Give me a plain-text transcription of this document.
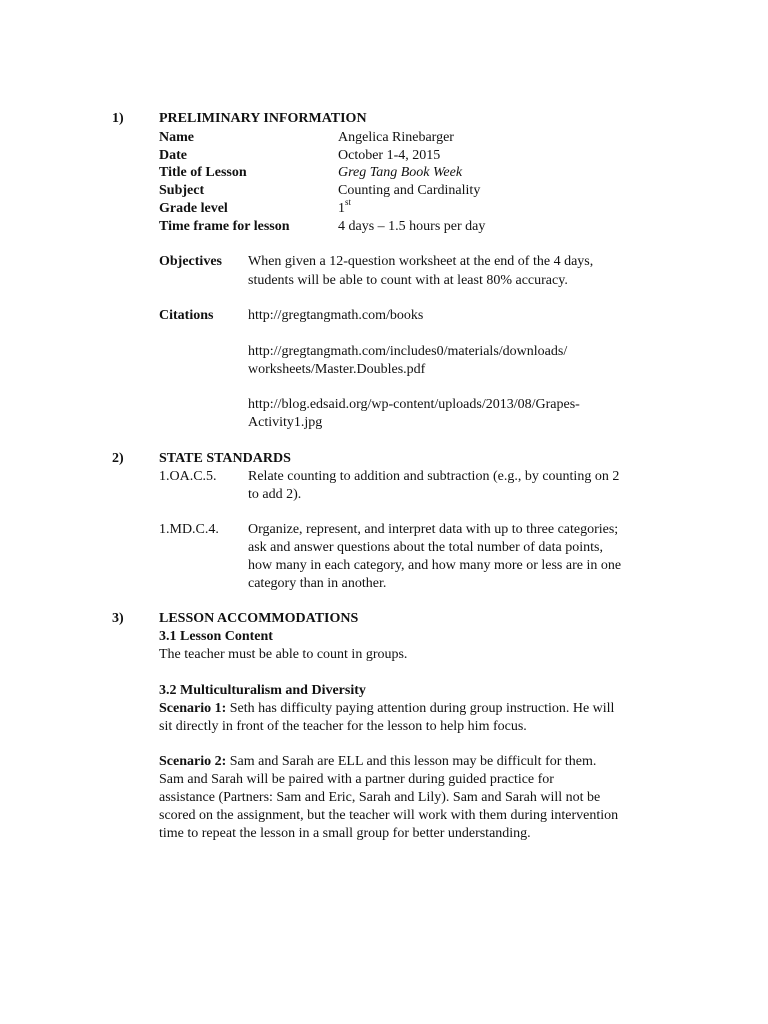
1)	PRELIMINARY INFORMATION
Name	Angelica Rinebarger
Date	October 1-4, 2015
Title of Lesson	Greg Tang Book Week
Subject	Counting and Cardinality
Grade level	1st
Time frame for lesson	4 days – 1.5 hours per day
Objectives When given a 12-question worksheet at the end of the 4 days,
students will be able to count with at least 80% accuracy.
Citations http://gregtangmath.com/books
http://gregtangmath.com/includes0/materials/downloads/
worksheets/Master.Doubles.pdf
http://blog.edsaid.org/wp-content/uploads/2013/08/Grapes-
Activity1.jpg
2)	STATE STANDARDS
1.OA.C.5. Relate counting to addition and subtraction (e.g., by counting on 2
to add 2).
1.MD.C.4. Organize, represent, and interpret data with up to three categories;
ask and answer questions about the total number of data points,
how many in each category, and how many more or less are in one
category than in another.
3)	LESSON ACCOMMODATIONS
3.1 Lesson Content
The teacher must be able to count in groups.
3.2 Multiculturalism and Diversity
Scenario 1: Seth has difficulty paying attention during group instruction. He will
sit directly in front of the teacher for the lesson to help him focus.
Scenario 2: Sam and Sarah are ELL and this lesson may be difficult for them.
Sam and Sarah will be paired with a partner during guided practice for
assistance (Partners: Sam and Eric, Sarah and Lily). Sam and Sarah will not be
scored on the assignment, but the teacher will work with them during intervention
time to repeat the lesson in a small group for better understanding.
